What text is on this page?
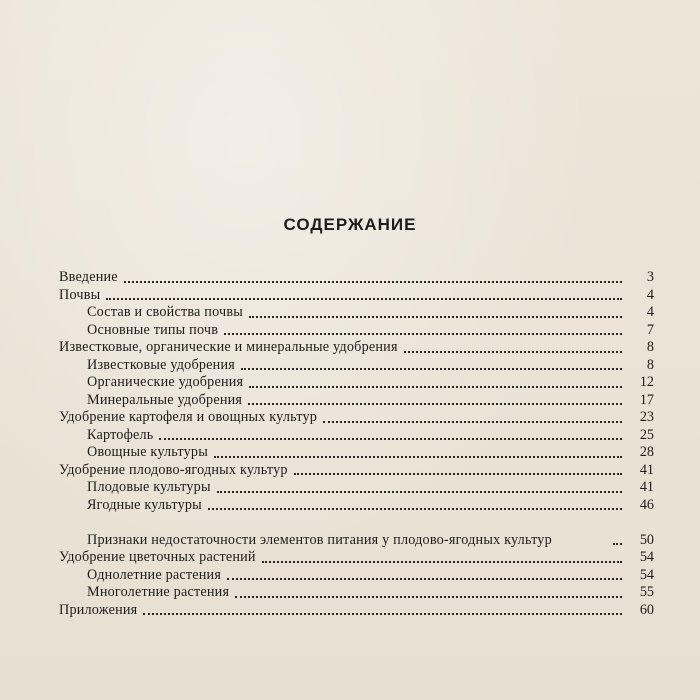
СОДЕРЖАНИЕ
Введение	3
Почвы	4
Состав и свойства почвы	4
Основные типы почв	7
Известковые, органические и минеральные удобрения	8
Известковые удобрения	8
Органические удобрения	12
Минеральные удобрения	17
Удобрение картофеля и овощных культур	23
Картофель	25
Овощные культуры	28
Удобрение плодово-ягодных культур	41
Плодовые культуры	41
Ягодные культуры	46
Признаки недостаточности элементов питания у плодово-ягодных культур	50
Удобрение цветочных растений	54
Однолетние растения	54
Многолетние растения	55
Приложения	60
